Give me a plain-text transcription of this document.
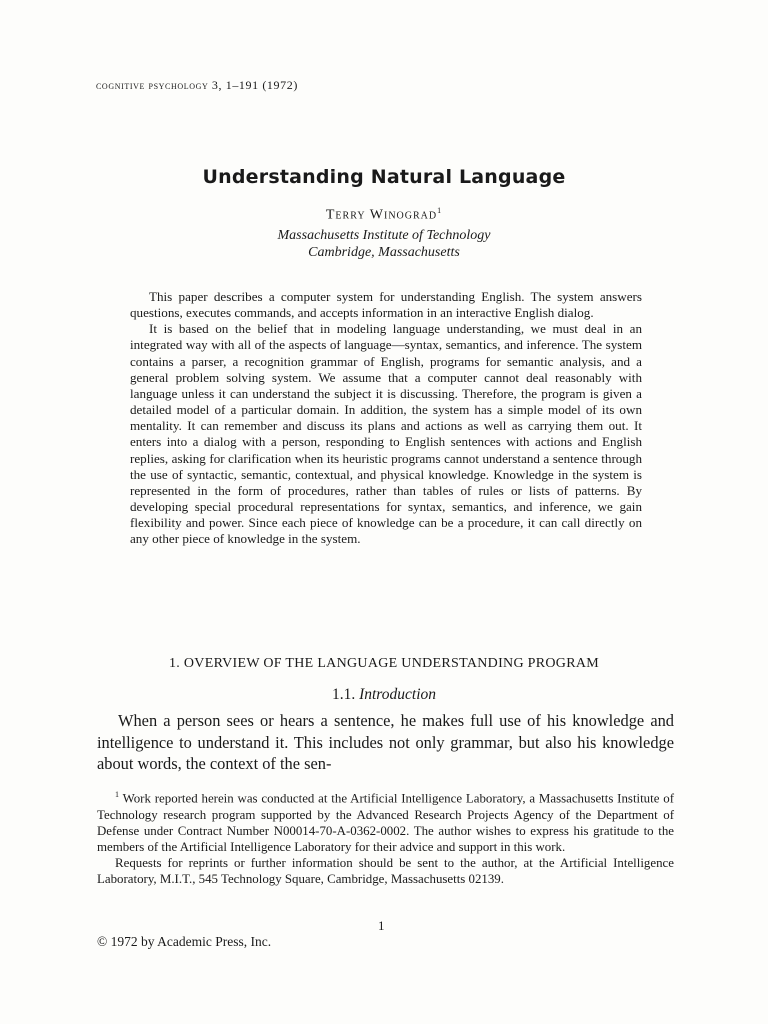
cognitive psychology 3, 1–191 (1972)
Understanding Natural Language
Terry Winograd$^1$
Massachusetts Institute of Technology
Cambridge, Massachusetts

This paper describes a computer system for understanding English. The system answers questions, executes commands, and accepts information in an interactive English dialog.

It is based on the belief that in modeling language understanding, we must deal in an integrated way with all of the aspects of language—syntax, semantics, and inference. The system contains a parser, a recognition grammar of English, programs for semantic analysis, and a general problem solving system. We assume that a computer cannot deal reasonably with language unless it can understand the subject it is discussing. Therefore, the program is given a detailed model of a particular domain. In addition, the system has a simple model of its own mentality. It can remember and discuss its plans and actions as well as carrying them out. It enters into a dialog with a person, responding to English sentences with actions and English replies, asking for clarification when its heuristic programs cannot understand a sentence through the use of syntactic, semantic, contextual, and physical knowledge. Knowledge in the system is represented in the form of procedures, rather than tables of rules or lists of patterns. By developing special procedural representations for syntax, semantics, and inference, we gain flexibility and power. Since each piece of knowledge can be a procedure, it can call directly on any other piece of knowledge in the system.

1. OVERVIEW OF THE LANGUAGE UNDERSTANDING PROGRAM
1.1. Introduction

When a person sees or hears a sentence, he makes full use of his knowledge and intelligence to understand it. This includes not only grammar, but also his knowledge about words, the context of the sen-

$^1$ Work reported herein was conducted at the Artificial Intelligence Laboratory, a Massachusetts Institute of Technology research program supported by the Advanced Research Projects Agency of the Department of Defense under Contract Number N00014-70-A-0362-0002. The author wishes to express his gratitude to the members of the Artificial Intelligence Laboratory for their advice and support in this work.

Requests for reprints or further information should be sent to the author, at the Artificial Intelligence Laboratory, M.I.T., 545 Technology Square, Cambridge, Massachusetts 02139.

1
© 1972 by Academic Press, Inc.
